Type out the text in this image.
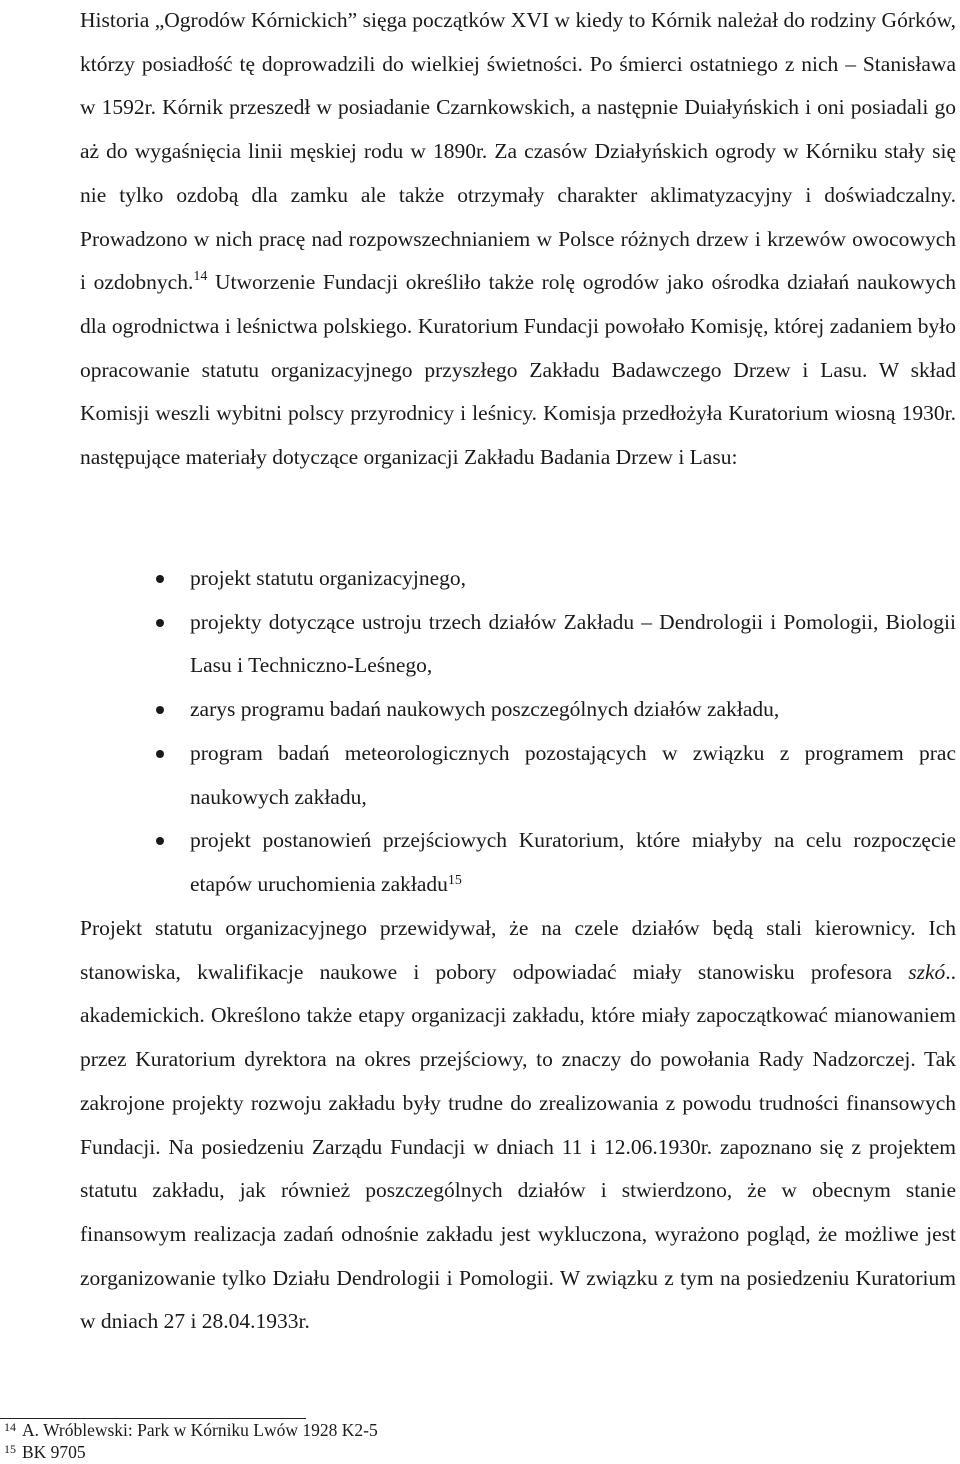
Historia „Ogrodów Kórnickich” sięga początków XVI w kiedy to Kórnik należał do rodziny Górków, którzy posiadłość tę doprowadzili do wielkiej świetności. Po śmierci ostatniego z nich – Stanisława w 1592r. Kórnik przeszedł w posiadanie Czarnkowskich, a następnie Duiałyńskich i oni posiadali go aż do wygaśnięcia linii męskiej rodu w 1890r. Za czasów Działyńskich ogrody w Kórniku stały się nie tylko ozdobą dla zamku ale także otrzymały charakter aklimatyzacyjny i doświadczalny. Prowadzono w nich pracę nad rozpowszechnianiem w Polsce różnych drzew i krzewów owocowych i ozdobnych.$^{14}$ Utworzenie Fundacji określiło także rolę ogrodów jako ośrodka działań naukowych dla ogrodnictwa i leśnictwa polskiego. Kuratorium Fundacji powołało Komisję, której zadaniem było opracowanie statutu organizacyjnego przyszłego Zakładu Badawczego Drzew i Lasu. W skład Komisji weszli wybitni polscy przyrodnicy i leśnicy. Komisja przedłożyła Kuratorium wiosną 1930r. następujące materiały dotyczące organizacji Zakładu Badania Drzew i Lasu:

projekt statutu organizacyjnego,
projekty dotyczące ustroju trzech działów Zakładu – Dendrologii i Pomologii, Biologii Lasu i Techniczno-Leśnego,
zarys programu badań naukowych poszczególnych działów zakładu,
program badań meteorologicznych pozostających w związku z programem prac naukowych zakładu,
projekt postanowień przejściowych Kuratorium, które miałyby na celu rozpoczęcie etapów uruchomienia zakładu$^{15}$

Projekt statutu organizacyjnego przewidywał, że na czele działów będą stali kierownicy. Ich stanowiska, kwalifikacje naukowe i pobory odpowiadać miały stanowisku profesora szkó.. akademickich. Określono także etapy organizacji zakładu, które miały zapoczątkować mianowaniem przez Kuratorium dyrektora na okres przejściowy, to znaczy do powołania Rady Nadzorczej. Tak zakrojone projekty rozwoju zakładu były trudne do zrealizowania z powodu trudności finansowych Fundacji. Na posiedzeniu Zarządu Fundacji w dniach 11 i 12.06.1930r. zapoznano się z projektem statutu zakładu, jak również poszczególnych działów i stwierdzono, że w obecnym stanie finansowym realizacja zadań odnośnie zakładu jest wykluczona, wyrażono pogląd, że możliwe jest zorganizowanie tylko Działu Dendrologii i Pomologii. W związku z tym na posiedzeniu Kuratorium w dniach 27 i 28.04.1933r.

$^{14}$ A. Wróblewski: Park w Kórniku Lwów 1928 K2-5
$^{15}$ BK 9705
